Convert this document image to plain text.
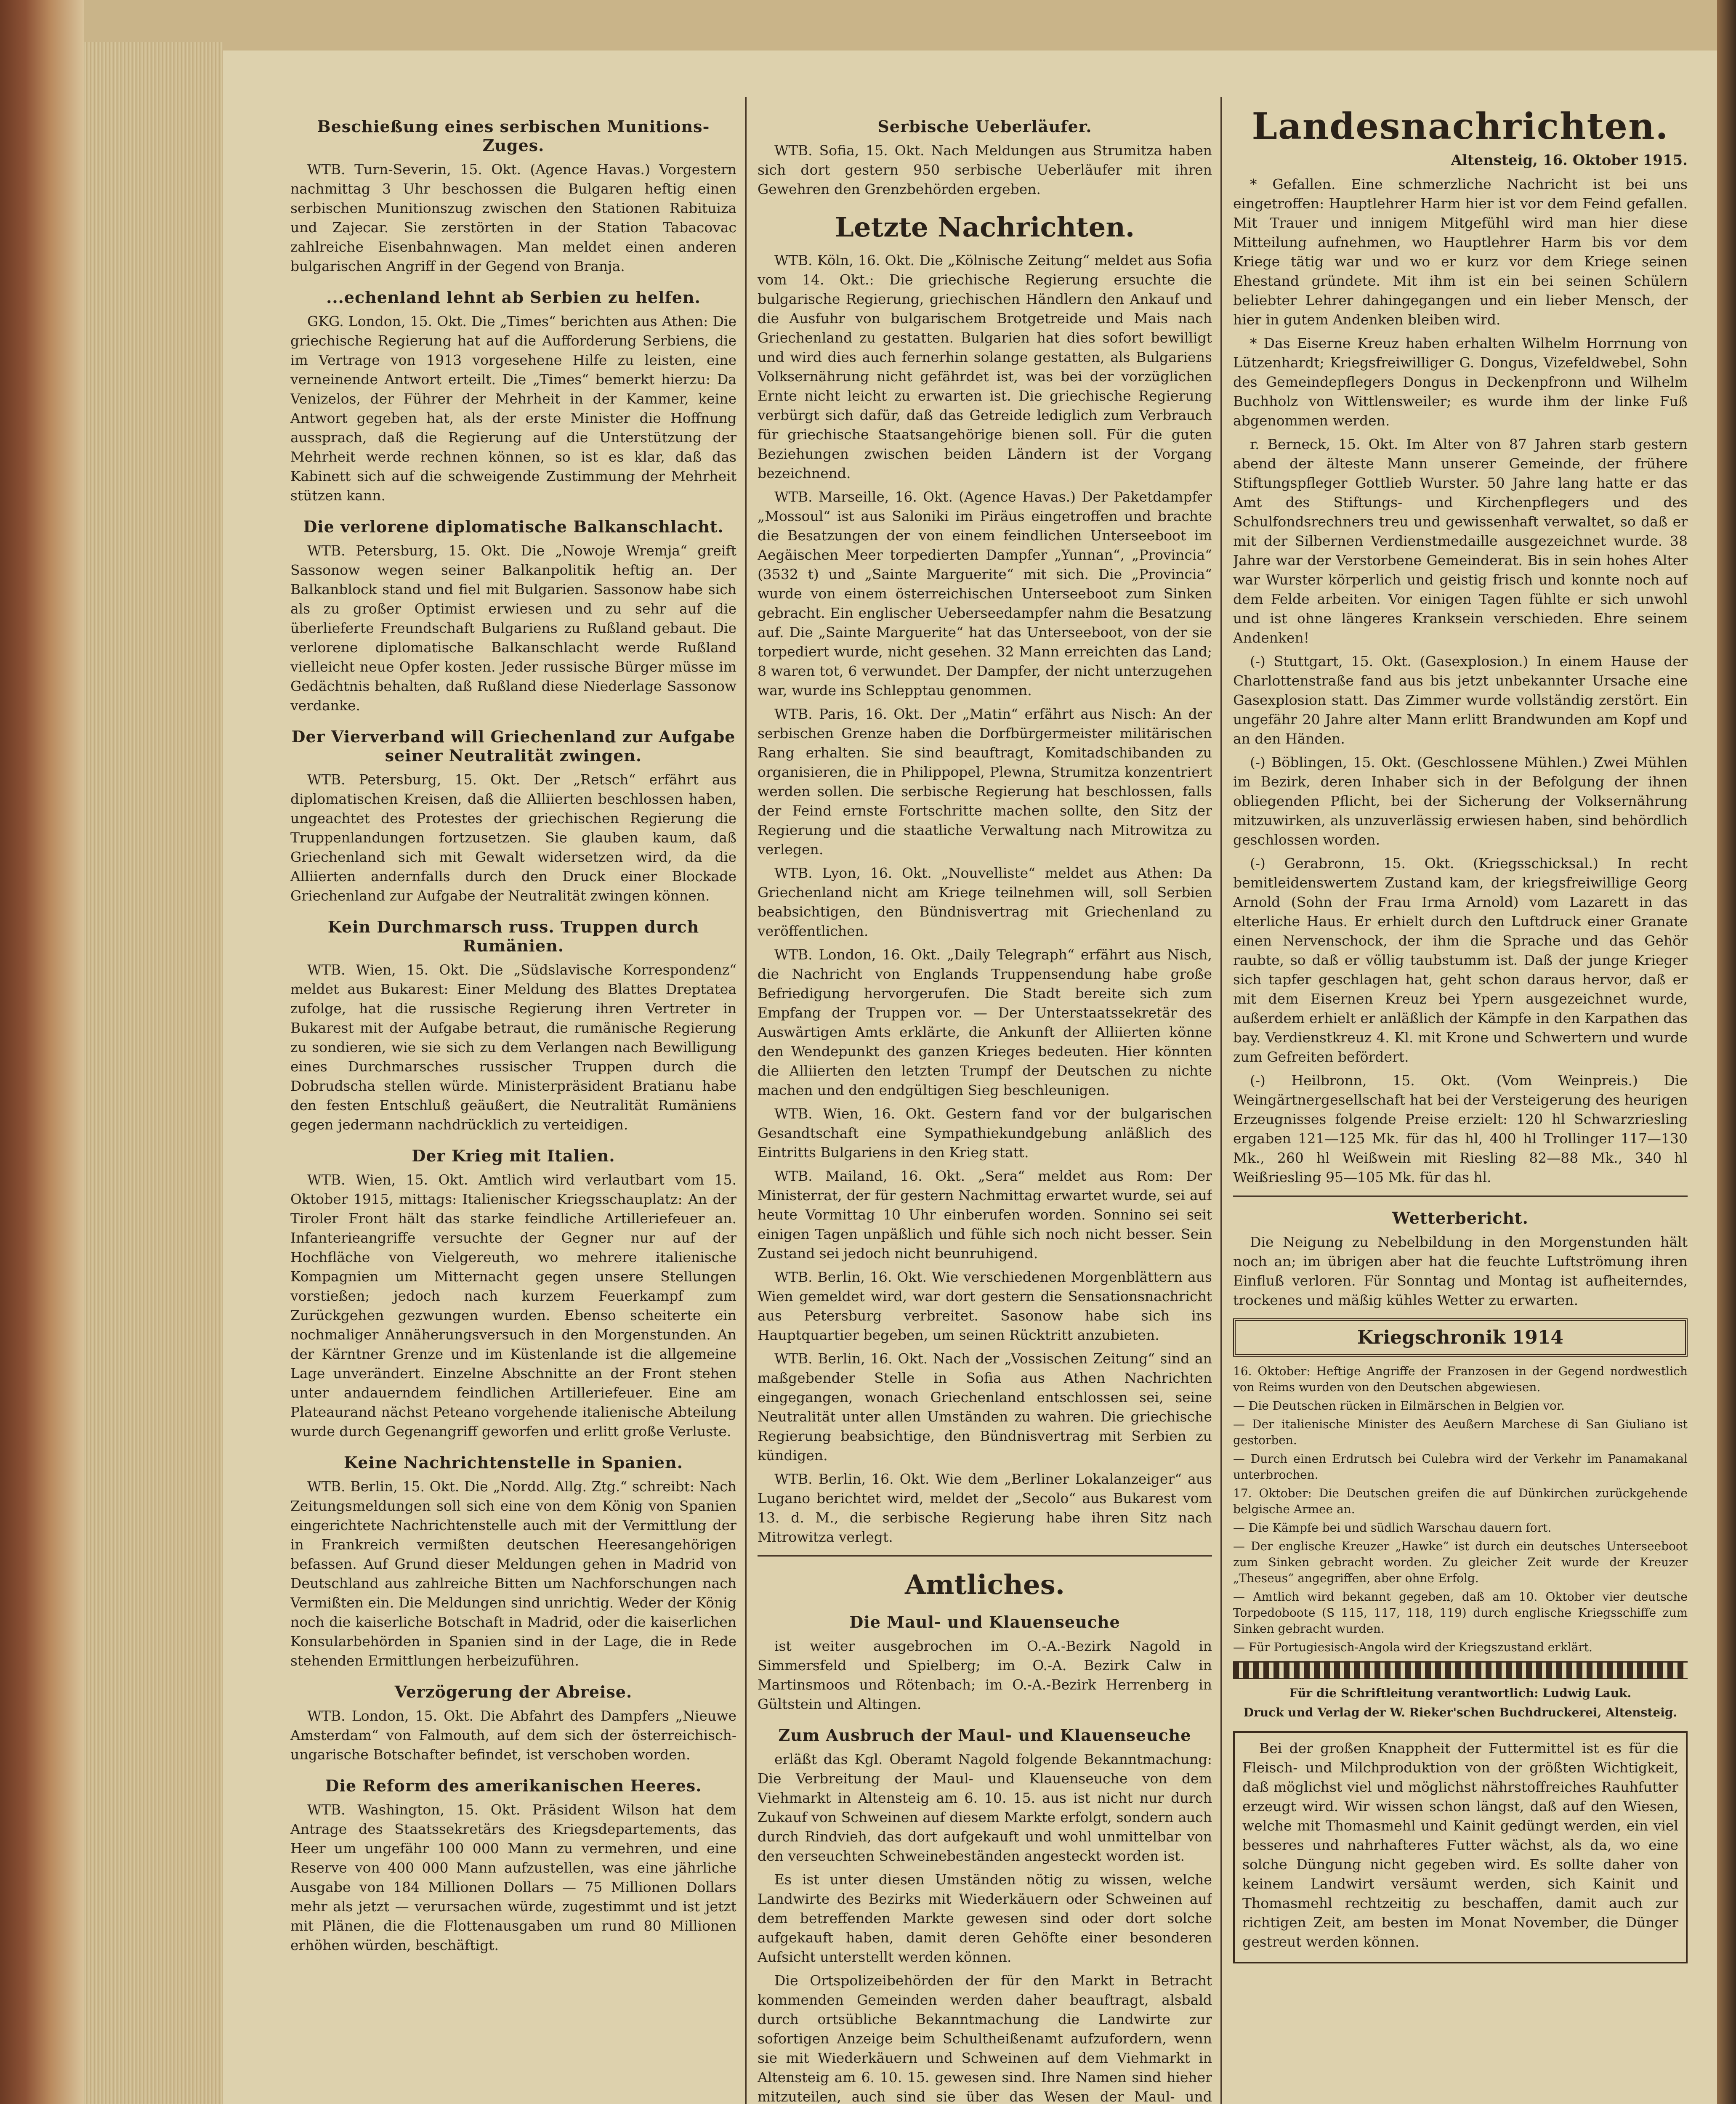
Beschießung eines serbischen Munitions-Zuges.

WTB. Turn-Severin, 15. Okt. (Agence Havas.) Vorgestern nachmittag 3 Uhr beschossen die Bulgaren heftig einen serbischen Munitionszug zwischen den Stationen Rabituiza und Zajecar. Sie zerstörten in der Station Tabacovac zahlreiche Eisenbahnwagen. Man meldet einen anderen bulgarischen Angriff in der Gegend von Branja.

...echenland lehnt ab Serbien zu helfen.

GKG. London, 15. Okt. Die „Times“ berichten aus Athen: Die griechische Regierung hat auf die Aufforderung Serbiens, die im Vertrage von 1913 vorgesehene Hilfe zu leisten, eine verneinende Antwort erteilt. Die „Times“ bemerkt hierzu: Da Venizelos, der Führer der Mehrheit in der Kammer, keine Antwort gegeben hat, als der erste Minister die Hoffnung aussprach, daß die Regierung auf die Unterstützung der Mehrheit werde rechnen können, so ist es klar, daß das Kabinett sich auf die schweigende Zustimmung der Mehrheit stützen kann.

Die verlorene diplomatische Balkanschlacht.

WTB. Petersburg, 15. Okt. Die „Nowoje Wremja“ greift Sassonow wegen seiner Balkanpolitik heftig an. Der Balkanblock stand und fiel mit Bulgarien. Sassonow habe sich als zu großer Optimist erwiesen und zu sehr auf die überlieferte Freundschaft Bulgariens zu Rußland gebaut. Die verlorene diplomatische Balkanschlacht werde Rußland vielleicht neue Opfer kosten. Jeder russische Bürger müsse im Gedächtnis behalten, daß Rußland diese Niederlage Sassonow verdanke.

Der Vierverband will Griechenland zur Aufgabe seiner Neutralität zwingen.

WTB. Petersburg, 15. Okt. Der „Retsch“ erfährt aus diplomatischen Kreisen, daß die Alliierten beschlossen haben, ungeachtet des Protestes der griechischen Regierung die Truppenlandungen fortzusetzen. Sie glauben kaum, daß Griechenland sich mit Gewalt widersetzen wird, da die Alliierten andernfalls durch den Druck einer Blockade Griechenland zur Aufgabe der Neutralität zwingen können.

Kein Durchmarsch russ. Truppen durch Rumänien.

WTB. Wien, 15. Okt. Die „Südslavische Korrespondenz“ meldet aus Bukarest: Einer Meldung des Blattes Dreptatea zufolge, hat die russische Regierung ihren Vertreter in Bukarest mit der Aufgabe betraut, die rumänische Regierung zu sondieren, wie sie sich zu dem Verlangen nach Bewilligung eines Durchmarsches russischer Truppen durch die Dobrudscha stellen würde. Ministerpräsident Bratianu habe den festen Entschluß geäußert, die Neutralität Rumäniens gegen jedermann nachdrücklich zu verteidigen.

Der Krieg mit Italien.

WTB. Wien, 15. Okt. Amtlich wird verlautbart vom 15. Oktober 1915, mittags: Italienischer Kriegsschauplatz: An der Tiroler Front hält das starke feindliche Artilleriefeuer an. Infanterieangriffe versuchte der Gegner nur auf der Hochfläche von Vielgereuth, wo mehrere italienische Kompagnien um Mitternacht gegen unsere Stellungen vorstießen; jedoch nach kurzem Feuerkampf zum Zurückgehen gezwungen wurden. Ebenso scheiterte ein nochmaliger Annäherungsversuch in den Morgenstunden. An der Kärntner Grenze und im Küstenlande ist die allgemeine Lage unverändert. Einzelne Abschnitte an der Front stehen unter andauerndem feindlichen Artilleriefeuer. Eine am Plateaurand nächst Peteano vorgehende italienische Abteilung wurde durch Gegenangriff geworfen und erlitt große Verluste.

Keine Nachrichtenstelle in Spanien.

WTB. Berlin, 15. Okt. Die „Nordd. Allg. Ztg.“ schreibt: Nach Zeitungsmeldungen soll sich eine von dem König von Spanien eingerichtete Nachrichtenstelle auch mit der Vermittlung der in Frankreich vermißten deutschen Heeresangehörigen befassen. Auf Grund dieser Meldungen gehen in Madrid von Deutschland aus zahlreiche Bitten um Nachforschungen nach Vermißten ein. Die Meldungen sind unrichtig. Weder der König noch die kaiserliche Botschaft in Madrid, oder die kaiserlichen Konsularbehörden in Spanien sind in der Lage, die in Rede stehenden Ermittlungen herbeizuführen.

Verzögerung der Abreise.

WTB. London, 15. Okt. Die Abfahrt des Dampfers „Nieuwe Amsterdam“ von Falmouth, auf dem sich der österreichisch-ungarische Botschafter befindet, ist verschoben worden.

Die Reform des amerikanischen Heeres.

WTB. Washington, 15. Okt. Präsident Wilson hat dem Antrage des Staatssekretärs des Kriegsdepartements, das Heer um ungefähr 100 000 Mann zu vermehren, und eine Reserve von 400 000 Mann aufzustellen, was eine jährliche Ausgabe von 184 Millionen Dollars — 75 Millionen Dollars mehr als jetzt — verursachen würde, zugestimmt und ist jetzt mit Plänen, die die Flottenausgaben um rund 80 Millionen erhöhen würden, beschäftigt.

Serbische Ueberläufer.

WTB. Sofia, 15. Okt. Nach Meldungen aus Strumitza haben sich dort gestern 950 serbische Ueberläufer mit ihren Gewehren den Grenzbehörden ergeben.

Letzte Nachrichten.

WTB. Köln, 16. Okt. Die „Kölnische Zeitung“ meldet aus Sofia vom 14. Okt.: Die griechische Regierung ersuchte die bulgarische Regierung, griechischen Händlern den Ankauf und die Ausfuhr von bulgarischem Brotgetreide und Mais nach Griechenland zu gestatten. Bulgarien hat dies sofort bewilligt und wird dies auch fernerhin solange gestatten, als Bulgariens Volksernährung nicht gefährdet ist, was bei der vorzüglichen Ernte nicht leicht zu erwarten ist. Die griechische Regierung verbürgt sich dafür, daß das Getreide lediglich zum Verbrauch für griechische Staatsangehörige bienen soll. Für die guten Beziehungen zwischen beiden Ländern ist der Vorgang bezeichnend.

WTB. Marseille, 16. Okt. (Agence Havas.) Der Paketdampfer „Mossoul“ ist aus Saloniki im Piräus eingetroffen und brachte die Besatzungen der von einem feindlichen Unterseeboot im Aegäischen Meer torpedierten Dampfer „Yunnan“, „Provincia“ (3532 t) und „Sainte Marguerite“ mit sich. Die „Provincia“ wurde von einem österreichischen Unterseeboot zum Sinken gebracht. Ein englischer Ueberseedampfer nahm die Besatzung auf. Die „Sainte Marguerite“ hat das Unterseeboot, von der sie torpediert wurde, nicht gesehen. 32 Mann erreichten das Land; 8 waren tot, 6 verwundet. Der Dampfer, der nicht unterzugehen war, wurde ins Schlepptau genommen.

WTB. Paris, 16. Okt. Der „Matin“ erfährt aus Nisch: An der serbischen Grenze haben die Dorfbürgermeister militärischen Rang erhalten. Sie sind beauftragt, Komitadschibanden zu organisieren, die in Philippopel, Plewna, Strumitza konzentriert werden sollen. Die serbische Regierung hat beschlossen, falls der Feind ernste Fortschritte machen sollte, den Sitz der Regierung und die staatliche Verwaltung nach Mitrowitza zu verlegen.

WTB. Lyon, 16. Okt. „Nouvelliste“ meldet aus Athen: Da Griechenland nicht am Kriege teilnehmen will, soll Serbien beabsichtigen, den Bündnisvertrag mit Griechenland zu veröffentlichen.

WTB. London, 16. Okt. „Daily Telegraph“ erfährt aus Nisch, die Nachricht von Englands Truppensendung habe große Befriedigung hervorgerufen. Die Stadt bereite sich zum Empfang der Truppen vor. — Der Unterstaatssekretär des Auswärtigen Amts erklärte, die Ankunft der Alliierten könne den Wendepunkt des ganzen Krieges bedeuten. Hier könnten die Alliierten den letzten Trumpf der Deutschen zu nichte machen und den endgültigen Sieg beschleunigen.

WTB. Wien, 16. Okt. Gestern fand vor der bulgarischen Gesandtschaft eine Sympathiekundgebung anläßlich des Eintritts Bulgariens in den Krieg statt.

WTB. Mailand, 16. Okt. „Sera“ meldet aus Rom: Der Ministerrat, der für gestern Nachmittag erwartet wurde, sei auf heute Vormittag 10 Uhr einberufen worden. Sonnino sei seit einigen Tagen unpäßlich und fühle sich noch nicht besser. Sein Zustand sei jedoch nicht beunruhigend.

WTB. Berlin, 16. Okt. Wie verschiedenen Morgenblättern aus Wien gemeldet wird, war dort gestern die Sensationsnachricht aus Petersburg verbreitet. Sasonow habe sich ins Hauptquartier begeben, um seinen Rücktritt anzubieten.

WTB. Berlin, 16. Okt. Nach der „Vossischen Zeitung“ sind an maßgebender Stelle in Sofia aus Athen Nachrichten eingegangen, wonach Griechenland entschlossen sei, seine Neutralität unter allen Umständen zu wahren. Die griechische Regierung beabsichtige, den Bündnisvertrag mit Serbien zu kündigen.

WTB. Berlin, 16. Okt. Wie dem „Berliner Lokalanzeiger“ aus Lugano berichtet wird, meldet der „Secolo“ aus Bukarest vom 13. d. M., die serbische Regierung habe ihren Sitz nach Mitrowitza verlegt.

Amtliches.
Die Maul- und Klauenseuche

ist weiter ausgebrochen im O.-A.-Bezirk Nagold in Simmersfeld und Spielberg; im O.-A. Bezirk Calw in Martinsmoos und Rötenbach; im O.-A.-Bezirk Herrenberg in Gültstein und Altingen.

Zum Ausbruch der Maul- und Klauenseuche

erläßt das Kgl. Oberamt Nagold folgende Bekanntmachung: Die Verbreitung der Maul- und Klauenseuche von dem Viehmarkt in Altensteig am 6. 10. 15. aus ist nicht nur durch Zukauf von Schweinen auf diesem Markte erfolgt, sondern auch durch Rindvieh, das dort aufgekauft und wohl unmittelbar von den verseuchten Schweinebeständen angesteckt worden ist.

Es ist unter diesen Umständen nötig zu wissen, welche Landwirte des Bezirks mit Wiederkäuern oder Schweinen auf dem betreffenden Markte gewesen sind oder dort solche aufgekauft haben, damit deren Gehöfte einer besonderen Aufsicht unterstellt werden können.

Die Ortspolizeibehörden der für den Markt in Betracht kommenden Gemeinden werden daher beauftragt, alsbald durch ortsübliche Bekanntmachung die Landwirte zur sofortigen Anzeige beim Schultheißenamt aufzufordern, wenn sie mit Wiederkäuern und Schweinen auf dem Viehmarkt in Altensteig am 6. 10. 15. gewesen sind. Ihre Namen sind hieher mitzuteilen, auch sind sie über das Wesen der Maul- und

Landesnachrichten.
Altensteig, 16. Oktober 1915.

* Gefallen. Eine schmerzliche Nachricht ist bei uns eingetroffen: Hauptlehrer Harm hier ist vor dem Feind gefallen. Mit Trauer und innigem Mitgefühl wird man hier diese Mitteilung aufnehmen, wo Hauptlehrer Harm bis vor dem Kriege tätig war und wo er kurz vor dem Kriege seinen Ehestand gründete. Mit ihm ist ein bei seinen Schülern beliebter Lehrer dahingegangen und ein lieber Mensch, der hier in gutem Andenken bleiben wird.

* Das Eiserne Kreuz haben erhalten Wilhelm Horrnung von Lützenhardt; Kriegsfreiwilliger G. Dongus, Vizefeldwebel, Sohn des Gemeindepflegers Dongus in Deckenpfronn und Wilhelm Buchholz von Wittlensweiler; es wurde ihm der linke Fuß abgenommen werden.

r. Berneck, 15. Okt. Im Alter von 87 Jahren starb gestern abend der älteste Mann unserer Gemeinde, der frühere Stiftungspfleger Gottlieb Wurster. 50 Jahre lang hatte er das Amt des Stiftungs- und Kirchenpflegers und des Schulfondsrechners treu und gewissenhaft verwaltet, so daß er mit der Silbernen Verdienstmedaille ausgezeichnet wurde. 38 Jahre war der Verstorbene Gemeinderat. Bis in sein hohes Alter war Wurster körperlich und geistig frisch und konnte noch auf dem Felde arbeiten. Vor einigen Tagen fühlte er sich unwohl und ist ohne längeres Kranksein verschieden. Ehre seinem Andenken!

(-) Stuttgart, 15. Okt. (Gasexplosion.) In einem Hause der Charlottenstraße fand aus bis jetzt unbekannter Ursache eine Gasexplosion statt. Das Zimmer wurde vollständig zerstört. Ein ungefähr 20 Jahre alter Mann erlitt Brandwunden am Kopf und an den Händen.

(-) Böblingen, 15. Okt. (Geschlossene Mühlen.) Zwei Mühlen im Bezirk, deren Inhaber sich in der Befolgung der ihnen obliegenden Pflicht, bei der Sicherung der Volksernährung mitzuwirken, als unzuverlässig erwiesen haben, sind behördlich geschlossen worden.

(-) Gerabronn, 15. Okt. (Kriegsschicksal.) In recht bemitleidenswertem Zustand kam, der kriegsfreiwillige Georg Arnold (Sohn der Frau Irma Arnold) vom Lazarett in das elterliche Haus. Er erhielt durch den Luftdruck einer Granate einen Nervenschock, der ihm die Sprache und das Gehör raubte, so daß er völlig taubstumm ist. Daß der junge Krieger sich tapfer geschlagen hat, geht schon daraus hervor, daß er mit dem Eisernen Kreuz bei Ypern ausgezeichnet wurde, außerdem erhielt er anläßlich der Kämpfe in den Karpathen das bay. Verdienstkreuz 4. Kl. mit Krone und Schwertern und wurde zum Gefreiten befördert.

(-) Heilbronn, 15. Okt. (Vom Weinpreis.) Die Weingärtnergesellschaft hat bei der Versteigerung des heurigen Erzeugnisses folgende Preise erzielt: 120 hl Schwarzriesling ergaben 121—125 Mk. für das hl, 400 hl Trollinger 117—130 Mk., 260 hl Weißwein mit Riesling 82—88 Mk., 340 hl Weißriesling 95—105 Mk. für das hl.

Wetterbericht.

Die Neigung zu Nebelbildung in den Morgenstunden hält noch an; im übrigen aber hat die feuchte Luftströmung ihren Einfluß verloren. Für Sonntag und Montag ist aufheiterndes, trockenes und mäßig kühles Wetter zu erwarten.

Kriegschronik 1914

16. Oktober: Heftige Angriffe der Franzosen in der Gegend nordwestlich von Reims wurden von den Deutschen abgewiesen.

— Die Deutschen rücken in Eilmärschen in Belgien vor.

— Der italienische Minister des Aeußern Marchese di San Giuliano ist gestorben.

— Durch einen Erdrutsch bei Culebra wird der Verkehr im Panamakanal unterbrochen.

17. Oktober: Die Deutschen greifen die auf Dünkirchen zurückgehende belgische Armee an.

— Die Kämpfe bei und südlich Warschau dauern fort.

— Der englische Kreuzer „Hawke“ ist durch ein deutsches Unterseeboot zum Sinken gebracht worden. Zu gleicher Zeit wurde der Kreuzer „Theseus“ angegriffen, aber ohne Erfolg.

— Amtlich wird bekannt gegeben, daß am 10. Oktober vier deutsche Torpedoboote (S 115, 117, 118, 119) durch englische Kriegsschiffe zum Sinken gebracht wurden.

— Für Portugiesisch-Angola wird der Kriegszustand erklärt.

Für die Schriftleitung verantwortlich: Ludwig Lauk.
Druck und Verlag der W. Rieker'schen Buchdruckerei, Altensteig.

Bei der großen Knappheit der Futtermittel ist es für die Fleisch- und Milchproduktion von der größten Wichtigkeit, daß möglichst viel und möglichst nährstoffreiches Rauhfutter erzeugt wird. Wir wissen schon längst, daß auf den Wiesen, welche mit Thomasmehl und Kainit gedüngt werden, ein viel besseres und nahrhafteres Futter wächst, als da, wo eine solche Düngung nicht gegeben wird. Es sollte daher von keinem Landwirt versäumt werden, sich Kainit und Thomasmehl rechtzeitig zu beschaffen, damit auch zur richtigen Zeit, am besten im Monat November, die Dünger gestreut werden können.
